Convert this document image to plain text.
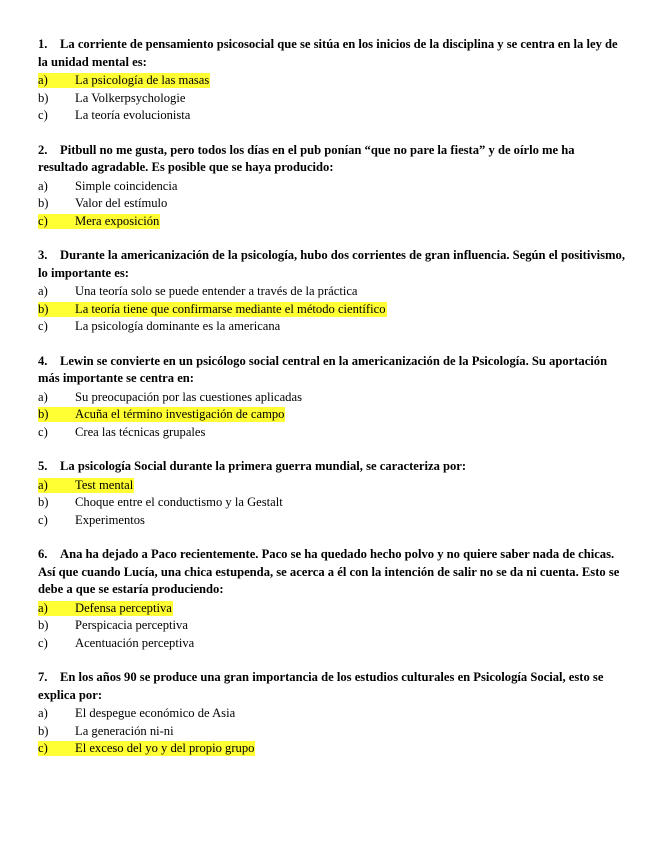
1. La corriente de pensamiento psicosocial que se sitúa en los inicios de la disciplina y se centra en la ley de la unidad mental es:
a)	La psicología de las masas
b) La Volkerpsychologie
c) La teoría evolucionista
2. Pitbull no me gusta, pero todos los días en el pub ponían “que no pare la fiesta” y de oírlo me ha resultado agradable. Es posible que se haya producido:
a) Simple coincidencia
b) Valor del estímulo
c)	Mera exposición
3. Durante la americanización de la psicología, hubo dos corrientes de gran influencia. Según el positivismo, lo importante es:
a) Una teoría solo se puede entender a través de la práctica
b)	La teoría tiene que confirmarse mediante el método científico
c) La psicología dominante es la americana
4. Lewin se convierte en un psicólogo social central en la americanización de la Psicología. Su aportación más importante se centra en:
a) Su preocupación por las cuestiones aplicadas
b)	Acuña el término investigación de campo
c) Crea las técnicas grupales
5. La psicología Social durante la primera guerra mundial, se caracteriza por:
a)	Test mental
b) Choque entre el conductismo y la Gestalt
c) Experimentos
6. Ana ha dejado a Paco recientemente. Paco se ha quedado hecho polvo y no quiere saber nada de chicas. Así que cuando Lucía, una chica estupenda, se acerca a él con la intención de salir no se da ni cuenta. Esto se debe a que se estaría produciendo:
a)	Defensa perceptiva
b) Perspicacia perceptiva
c) Acentuación perceptiva
7. En los años 90 se produce una gran importancia de los estudios culturales en Psicología Social, esto se explica por:
a) El despegue económico de Asia
b) La generación ni-ni
c)	El exceso del yo y del propio grupo
